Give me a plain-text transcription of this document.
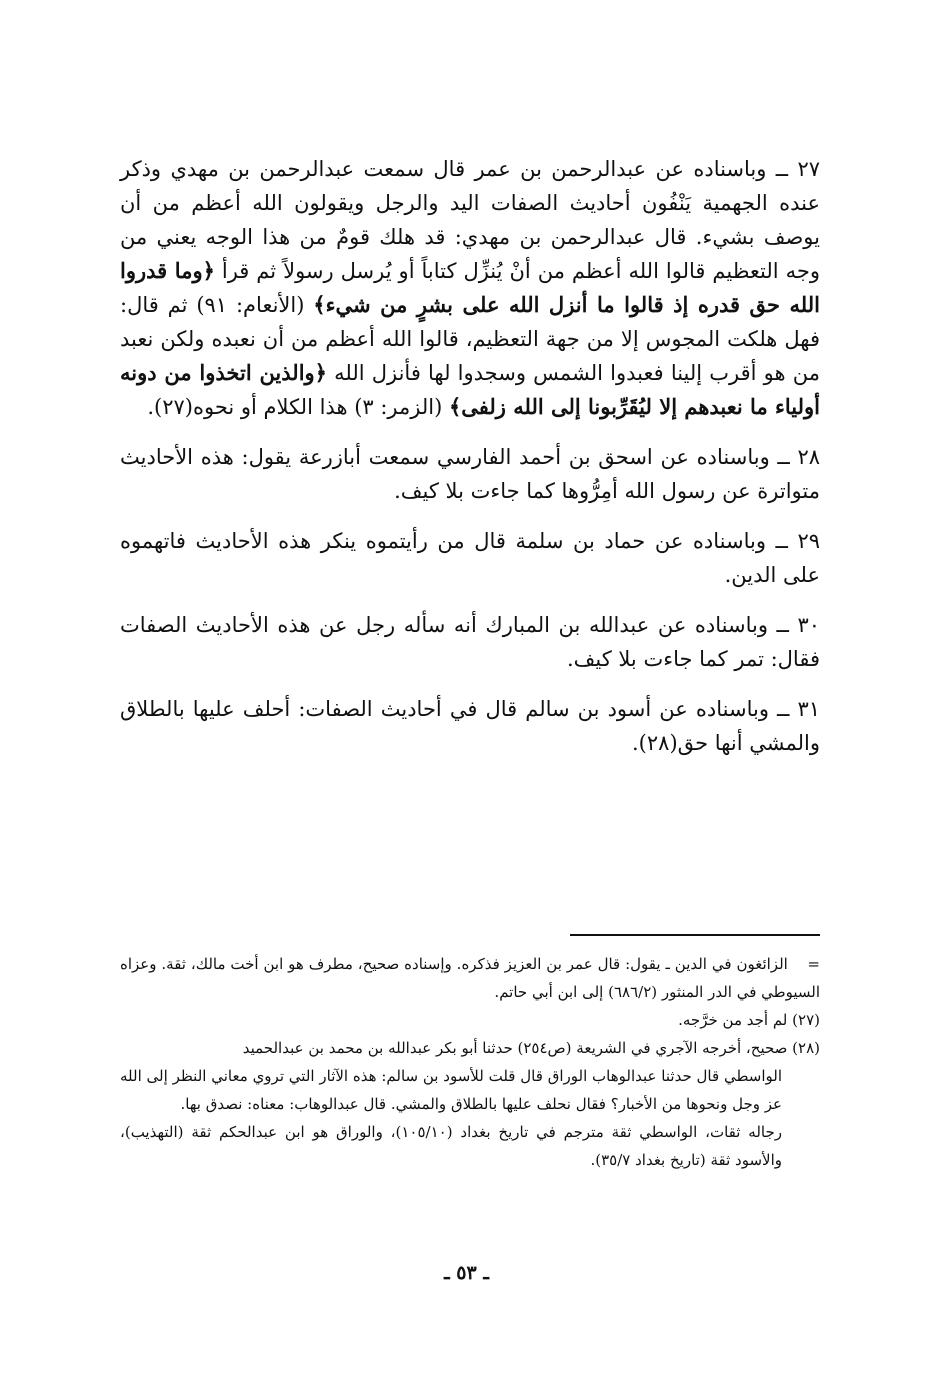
٢٧ ــ وباسناده عن عبدالرحمن بن عمر قال سمعت عبدالرحمن بن مهدي وذكر عنده الجهمية يَنْفُون أحاديث الصفات اليد والرجل ويقولون الله أعظم من أن يوصف بشيء. قال عبدالرحمن بن مهدي: قد هلك قومٌ من هذا الوجه يعني من وجه التعظيم قالوا الله أعظم من أنْ يُنزِّل كتاباً أو يُرسل رسولاً ثم قرأ ﴿وما قدروا الله حق قدره إذ قالوا ما أنزل الله على بشرٍ من شيء﴾ (الأنعام: ٩١) ثم قال: فهل هلكت المجوس إلا من جهة التعظيم، قالوا الله أعظم من أن نعبده ولكن نعبد من هو أقرب إلينا فعبدوا الشمس وسجدوا لها فأنزل الله ﴿والذين اتخذوا من دونه أولياء ما نعبدهم إلا ليُقَرِّبونا إلى الله زلفى﴾ (الزمر: ٣) هذا الكلام أو نحوه(٢٧).

٢٨ ــ وباسناده عن اسحق بن أحمد الفارسي سمعت أبازرعة يقول: هذه الأحاديث متواترة عن رسول الله أمِرُّوها كما جاءت بلا كيف.

٢٩ ــ وباسناده عن حماد بن سلمة قال من رأيتموه ينكر هذه الأحاديث فاتهموه على الدين.

٣٠ ــ وباسناده عن عبدالله بن المبارك أنه سأله رجل عن هذه الأحاديث الصفات فقال: تمر كما جاءت بلا كيف.

٣١ ــ وباسناده عن أسود بن سالم قال في أحاديث الصفات: أحلف عليها بالطلاق والمشي أنها حق(٢٨).

=    الزائغون في الدين ـ يقول: قال عمر بن العزيز فذكره. وإسناده صحيح، مطرف هو ابن أخت مالك، ثقة. وعزاه السيوطي في الدر المنثور (٦٨٦/٢) إلى ابن أبي حاتم.

(٢٧) لم أجد من خرَّجه.

(٢٨) صحيح، أخرجه الآجري في الشريعة (ص٢٥٤) حدثنا أبو بكر عبدالله بن محمد بن عبدالحميد

الواسطي قال حدثنا عبدالوهاب الوراق قال قلت للأسود بن سالم: هذه الآثار التي تروي معاني النظر إلى الله عز وجل ونحوها من الأخبار؟ فقال نحلف عليها بالطلاق والمشي. قال عبدالوهاب: معناه: نصدق بها.

رجاله ثقات، الواسطي ثقة مترجم في تاريخ بغداد (١٠٥/١٠)، والوراق هو ابن عبدالحكم ثقة (التهذيب)، والأسود ثقة (تاريخ بغداد ٣٥/٧).

ـ ٥٣ ـ
